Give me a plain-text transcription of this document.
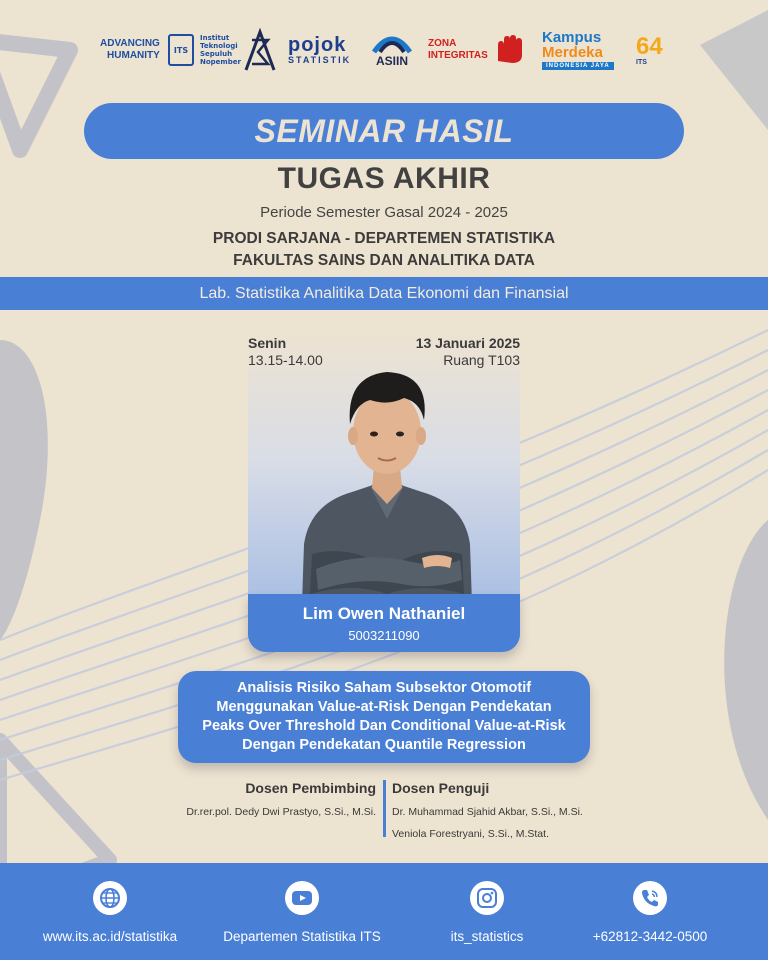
ADVANCING
HUMANITY	ITS
Institut Teknologi Sepuluh Nopember
pojok
STATISTIK ASIIN
ZONA
INTEGRITAS
Kampus
Merdeka
INDONESIA JAYA
64
ITS
SEMINAR HASIL
TUGAS AKHIR
Periode Semester Gasal 2024 - 2025
PRODI SARJANA - DEPARTEMEN STATISTIKA
FAKULTAS SAINS DAN ANALITIKA DATA
Lab. Statistika Analitika Data Ekonomi dan Finansial
Senin
13.15-14.00
13 Januari 2025
Ruang T103
Lim Owen Nathaniel
5003211090
Analisis Risiko Saham Subsektor Otomotif Menggunakan Value-at-Risk Dengan Pendekatan Peaks Over Threshold Dan Conditional Value-at-Risk Dengan Pendekatan Quantile Regression
Dosen Pembimbing
Dr.rer.pol. Dedy Dwi Prastyo, S.Si., M.Si.
Dosen Penguji
Dr. Muhammad Sjahid Akbar, S.Si., M.Si.
Veniola Forestryani, S.Si., M.Stat.
www.its.ac.id/statistika	Departemen Statistika ITS	its_statistics	+62812-3442-0500
